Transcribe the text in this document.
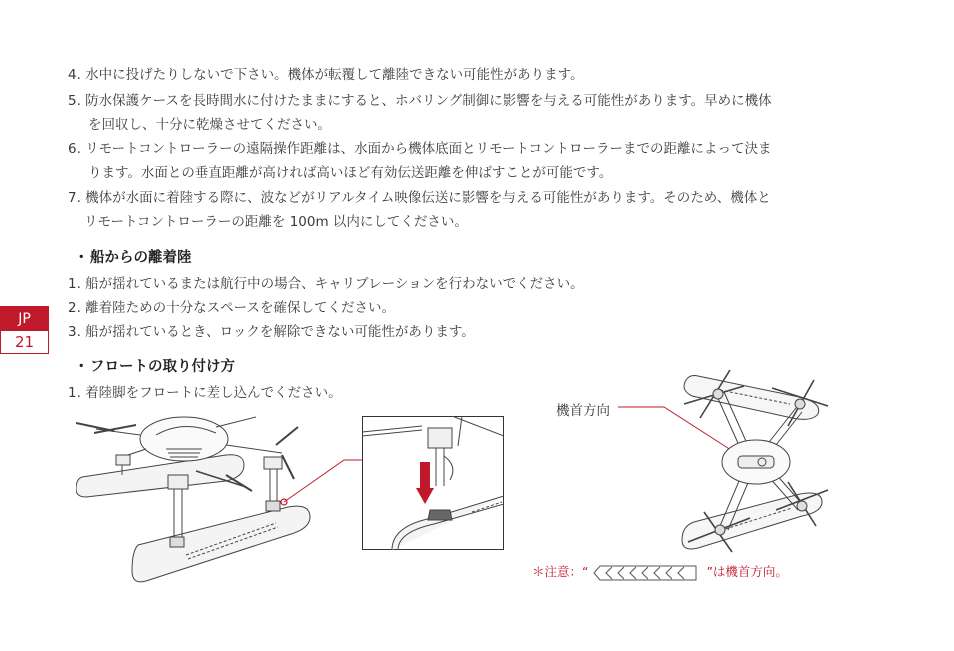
4. 水中に投げたりしないで下さい。機体が転覆して離陸できない可能性があります。
5. 防水保護ケースを長時間水に付けたままにすると、ホバリング制御に影響を与える可能性があります。早めに機体
を回収し、十分に乾燥させてください。
6. リモートコントローラーの遠隔操作距離は、水面から機体底面とリモートコントローラーまでの距離によって決ま
ります。水面との垂直距離が高ければ高いほど有効伝送距離を伸ばすことが可能です。
7. 機体が水面に着陸する際に、波などがリアルタイム映像伝送に影響を与える可能性があります。そのため、機体と
リモートコントローラーの距離を 100m 以内にしてください。
・ 船からの離着陸
1. 船が揺れているまたは航行中の場合、キャリブレーションを行わないでください。
2. 離着陸ための十分なスペースを確保してください。
3. 船が揺れているとき、ロックを解除できない可能性があります。
・ フロートの取り付け方
1. 着陸脚をフロートに差し込んでください。
JP
21
機首方向
＊注意：“	”は機首方向。
